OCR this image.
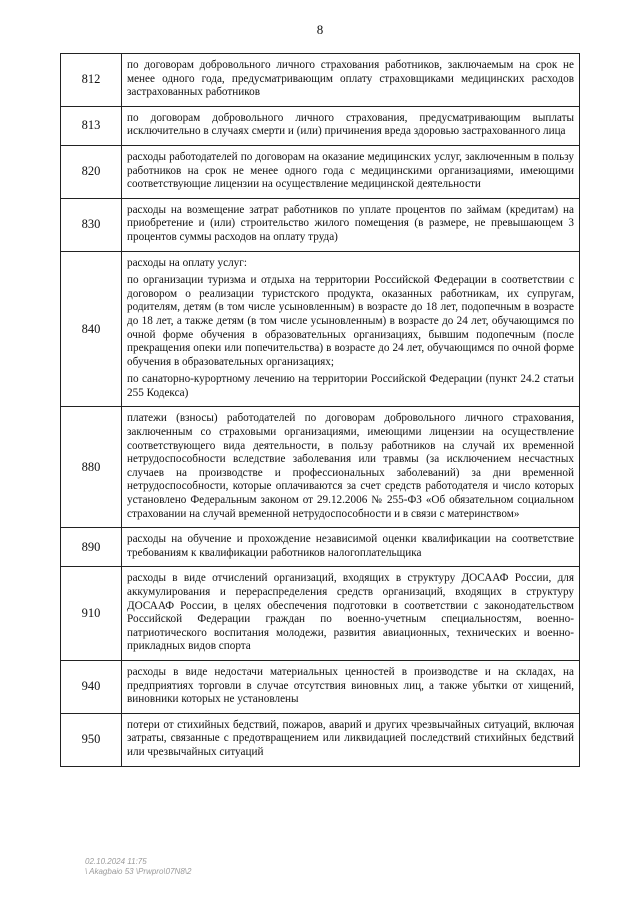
8
812	по договорам добровольного личного страхования работников, заключаемым на срок не менее одного года, предусматривающим оплату страховщиками медицинских расходов застрахованных работников

813	по договорам добровольного личного страхования, предусматривающим выплаты исключительно в случаях смерти и (или) причинения вреда здоровью застрахованного лица

820	расходы работодателей по договорам на оказание медицинских услуг, заключенным в пользу работников на срок не менее одного года с медицинскими организациями, имеющими соответствующие лицензии на осуществление медицинской деятельности

830	расходы на возмещение затрат работников по уплате процентов по займам (кредитам) на приобретение и (или) строительство жилого помещения (в размере, не превышающем 3 процентов суммы расходов на оплату труда)

840	расходы на оплату услуг:

по организации туризма и отдыха на территории Российской Федерации в соответствии с договором о реализации туристского продукта, оказанных работникам, их супругам, родителям, детям (в том числе усыновленным) в возрасте до 18 лет, подопечным в возрасте до 18 лет, а также детям (в том числе усыновленным) в возрасте до 24 лет, обучающимся по очной форме обучения в образовательных организациях, бывшим подопечным (после прекращения опеки или попечительства) в возрасте до 24 лет, обучающимся по очной форме обучения в образовательных организациях;

по санаторно-курортному лечению на территории Российской Федерации (пункт 24.2 статьи 255 Кодекса)

880	платежи (взносы) работодателей по договорам добровольного личного страхования, заключенным со страховыми организациями, имеющими лицензии на осуществление соответствующего вида деятельности, в пользу работников на случай их временной нетрудоспособности вследствие заболевания или травмы (за исключением несчастных случаев на производстве и профессиональных заболеваний) за дни временной нетрудоспособности, которые оплачиваются за счет средств работодателя и число которых установлено Федеральным законом от 29.12.2006 № 255-ФЗ «Об обязательном социальном страховании на случай временной нетрудоспособности и в связи с материнством»

890	расходы на обучение и прохождение независимой оценки квалификации на соответствие требованиям к квалификации работников налогоплательщика

910	расходы в виде отчислений организаций, входящих в структуру ДОСААФ России, для аккумулирования и перераспределения средств организаций, входящих в структуру ДОСААФ России, в целях обеспечения подготовки в соответствии с законодательством Российской Федерации граждан по военно-учетным специальностям, военно-патриотического воспитания молодежи, развития авиационных, технических и военно-прикладных видов спорта

940	расходы в виде недостачи материальных ценностей в производстве и на складах, на предприятиях торговли в случае отсутствия виновных лиц, а также убытки от хищений, виновники которых не установлены

950	потери от стихийных бедствий, пожаров, аварий и других чрезвычайных ситуаций, включая затраты, связанные с предотвращением или ликвидацией последствий стихийных бедствий или чрезвычайных ситуаций

02.10.2024 11:75
\ Akagbaio 53 \Prwpro\07N8\2
